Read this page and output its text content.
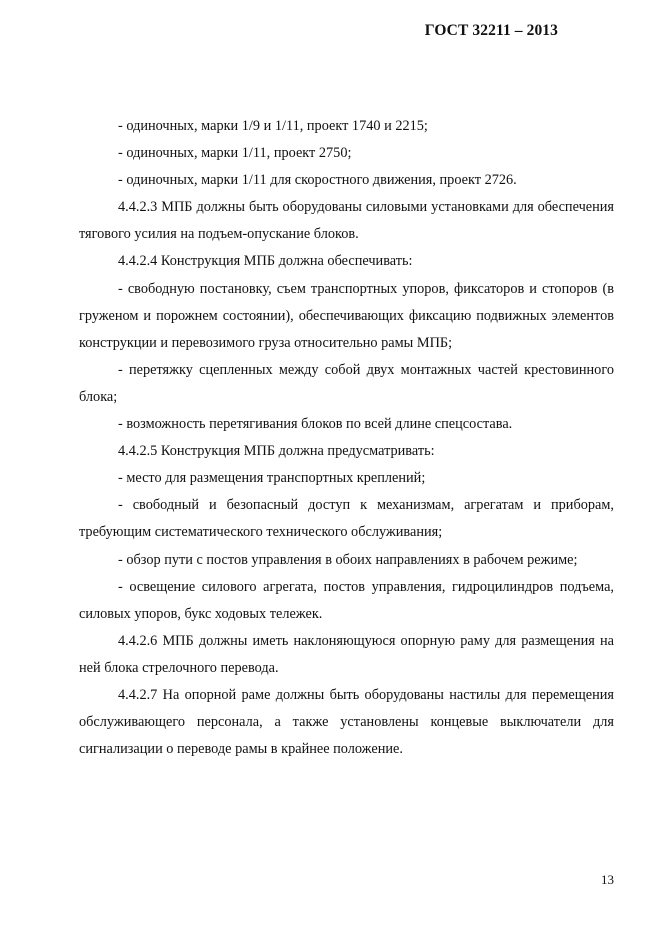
ГОСТ 32211 – 2013

- одиночных, марки 1/9 и 1/11, проект 1740 и 2215;

- одиночных, марки 1/11, проект 2750;

- одиночных, марки 1/11 для скоростного движения, проект 2726.

4.4.2.3 МПБ должны быть оборудованы силовыми установками для обеспечения тягового усилия на подъем-опускание блоков.

4.4.2.4 Конструкция МПБ должна обеспечивать:

- свободную постановку, съем транспортных упоров, фиксаторов и стопоров (в груженом и порожнем состоянии), обеспечивающих фиксацию подвижных элементов конструкции и перевозимого груза относительно рамы МПБ;

- перетяжку сцепленных между собой двух монтажных частей крестовинного блока;

- возможность перетягивания блоков по всей длине спецсостава.

4.4.2.5 Конструкция МПБ должна предусматривать:

- место для размещения транспортных креплений;

- свободный и безопасный доступ к механизмам, агрегатам и приборам, требующим систематического технического обслуживания;

- обзор пути с постов управления в обоих направлениях в рабочем режиме;

- освещение силового агрегата, постов управления, гидроцилиндров подъема, силовых упоров, букс ходовых тележек.

4.4.2.6 МПБ должны иметь наклоняющуюся опорную раму для размещения на ней блока стрелочного перевода.

4.4.2.7 На опорной раме должны быть оборудованы настилы для перемещения обслуживающего персонала, а также установлены концевые выключатели для сигнализации о переводе рамы в крайнее положение.

13
